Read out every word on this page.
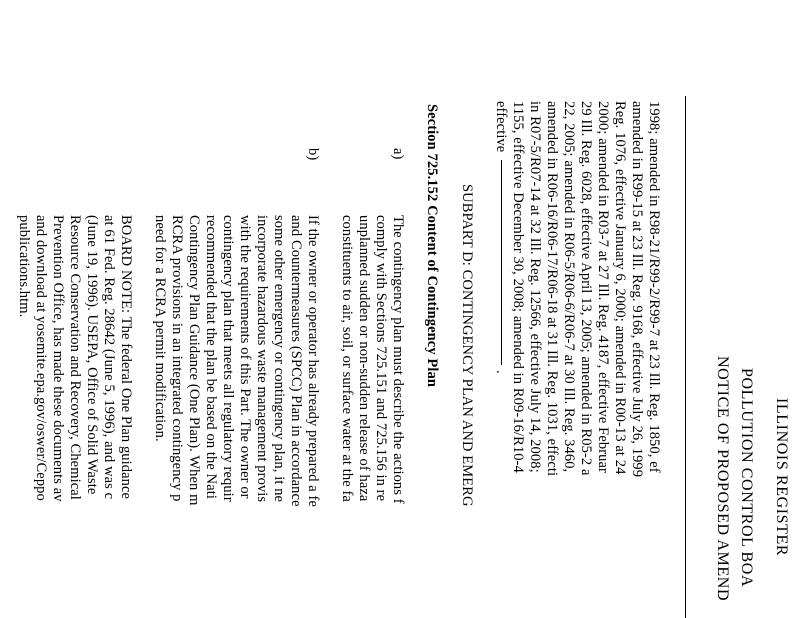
ILLINOIS REGISTER
POLLUTION CONTROL BOA
NOTICE OF PROPOSED AMEND
1998; amended in R98-21/R99-2/R99-7 at 23 Ill. Reg. 1850, ef
amended in R99-15 at 23 Ill. Reg. 9168, effective July 26, 1999
Reg. 1076, effective January 6, 2000; amended in R00-13 at 24
2000; amended in R03-7 at 27 Ill. Reg. 4187, effective Februar
29 Ill. Reg. 6028, effective April 13, 2005; amended in R05-2 a
22, 2005; amended in R06-5/R06-6/R06-7 at 30 Ill. Reg. 3460,
amended in R06-16/R06-17/R06-18 at 31 Ill. Reg. 1031, effecti
in R07-5/R07-14 at 32 Ill. Reg. 12566, effective July 14, 2008;
1155, effective December 30, 2008; amended in R09-16/R10-4
effective
.
SUBPART D: CONTINGENCY PLAN AND EMERG
Section 725.152 Content of Contingency Plan
a)
The contingency plan must describe the actions f
comply with Sections 725.151 and 725.156 in re
unplanned sudden or non-sudden release of haza
constituents to air, soil, or surface water at the fa
b)
If the owner or operator has already prepared a fe
and Countermeasures (SPCC) Plan in accordance
some other emergency or contingency plan, it ne
incorporate hazardous waste management provis
with the requirements of this Part. The owner or
contingency plan that meets all regulatory requir
recommended that the plan be based on the Nati
Contingency Plan Guidance (One Plan). When m
RCRA provisions in an integrated contingency p
need for a RCRA permit modification.
BOARD NOTE: The federal One Plan guidance
at 61 Fed. Reg. 28642 (June 5, 1996), and was c
(June 19, 1996). USEPA, Office of Solid Waste
Resource Conservation and Recovery, Chemical
Prevention Office, has made these documents av
and download at yosemite.epa.gov/oswer/Ceppo
publications.htm.
